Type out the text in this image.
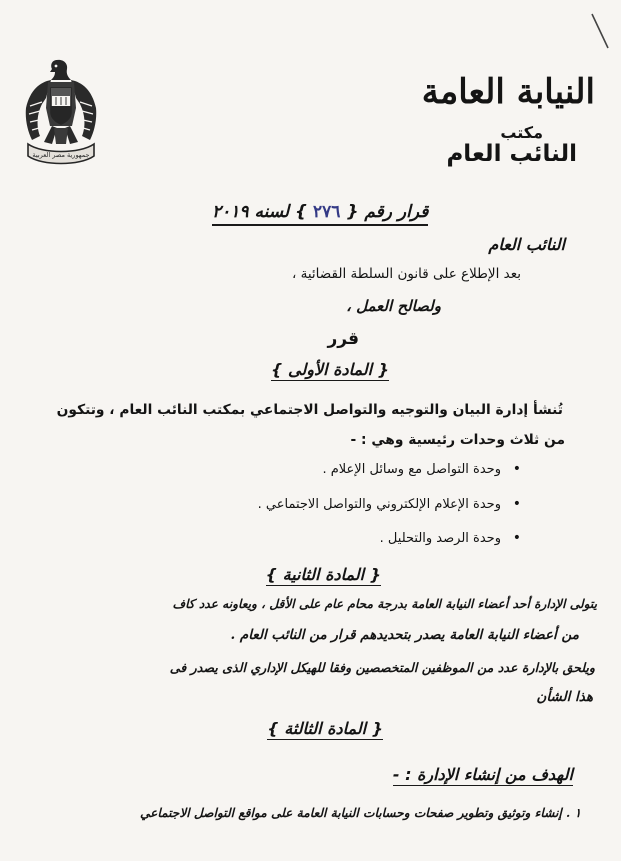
جمهورية مصر العربية
النيابة العامة
مكتب
النائب العام
قرار رقم { ٢٧٦ } لسنه ٢٠١٩
النائب العام
بعد الإطلاع على قانون السلطة القضائية ،
ولصالح العمل ،
قرر
{ المادة الأولى }
تُنشأ إدارة البيان والتوجيه والتواصل الاجتماعي بمكتب النائب العام ، وتتكون
من ثلاث وحدات رئيسية وهي : -
وحدة التواصل مع وسائل الإعلام . •
وحدة الإعلام الإلكتروني والتواصل الاجتماعي . •
وحدة الرصد والتحليل . •
{ المادة الثانية }
يتولى الإدارة أحد أعضاء النيابة العامة بدرجة محام عام على الأقل ، ويعاونه عدد كاف
من أعضاء النيابة العامة يصدر بتحديدهم قرار من النائب العام .
ويلحق بالإدارة عدد من الموظفين المتخصصين وفقا للهيكل الإداري الذى يصدر فى
هذا الشأن
{ المادة الثالثة }
الهدف من إنشاء الإدارة : -
١ . إنشاء وتوثيق وتطوير صفحات وحسابات النيابة العامة على مواقع التواصل الاجتماعي
